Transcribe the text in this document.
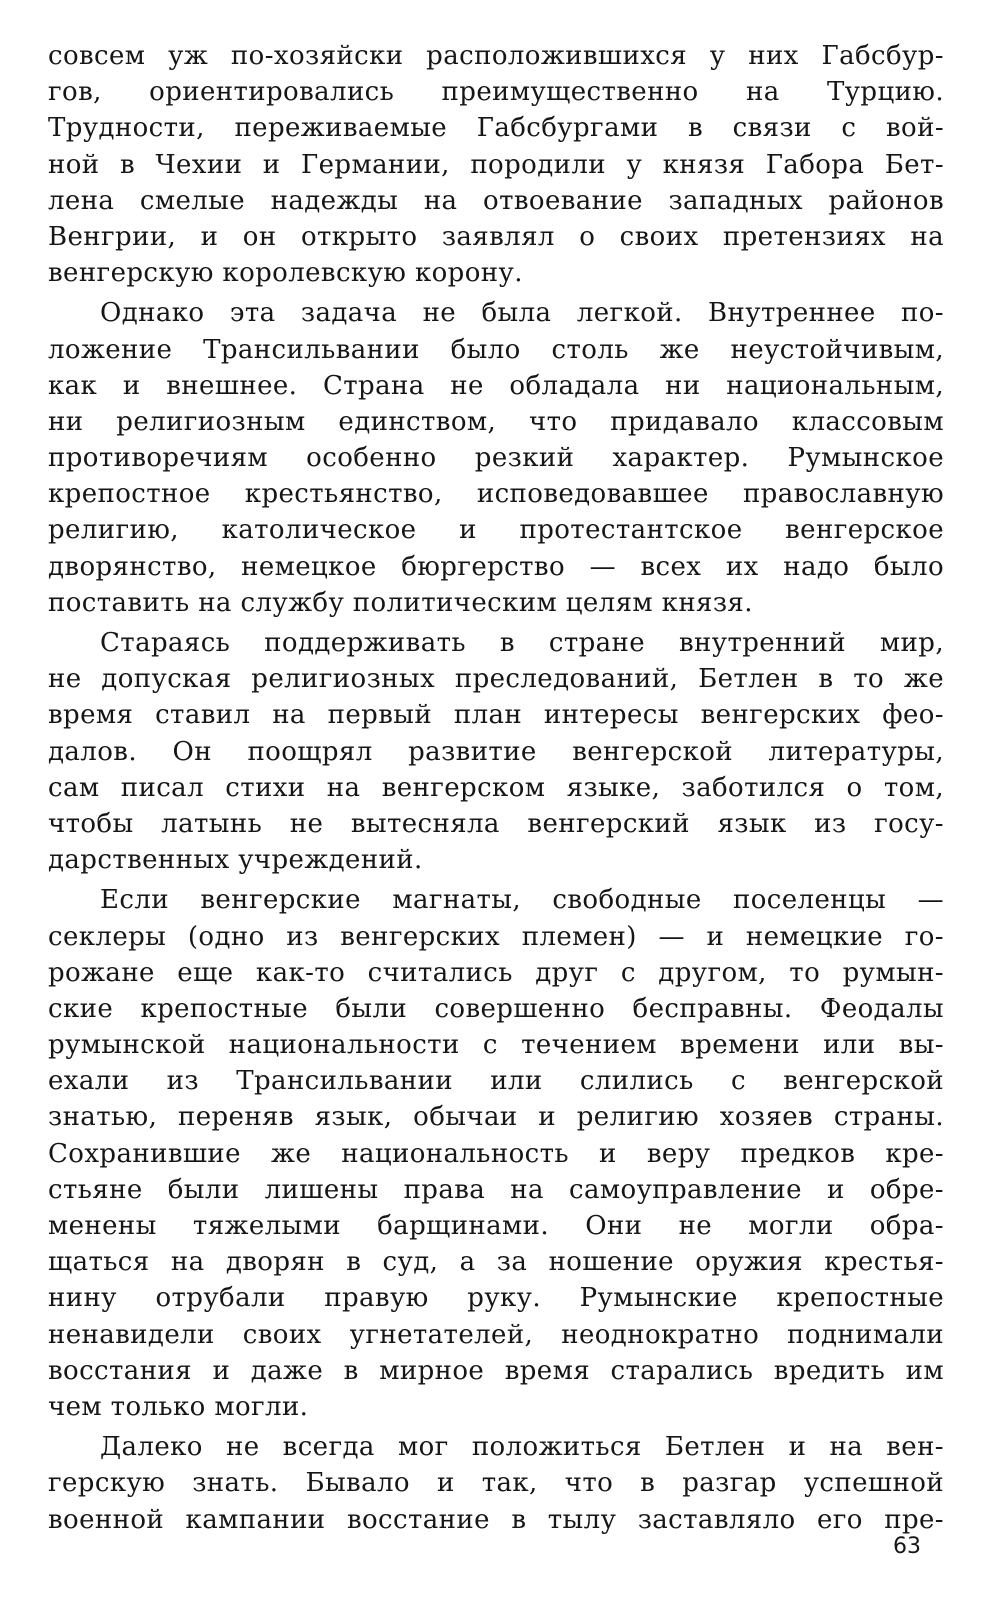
совсем уж по-хозяйски расположившихся у них Габсбур-
гов, ориентировались преимущественно на Турцию.
Трудности, переживаемые Габсбургами в связи с вой-
ной в Чехии и Германии, породили у князя Габора Бет-
лена смелые надежды на отвоевание западных районов
Венгрии, и он открыто заявлял о своих претензиях на
венгерскую королевскую корону.
Однако эта задача не была легкой. Внутреннее по-
ложение Трансильвании было столь же неустойчивым,
как и внешнее. Страна не обладала ни национальным,
ни религиозным единством, что придавало классовым
противоречиям особенно резкий характер. Румынское
крепостное крестьянство, исповедовавшее православную
религию, католическое и протестантское венгерское
дворянство, немецкое бюргерство — всех их надо было
поставить на службу политическим целям князя.
Стараясь поддерживать в стране внутренний мир,
не допуская религиозных преследований, Бетлен в то же
время ставил на первый план интересы венгерских фео-
далов. Он поощрял развитие венгерской литературы,
сам писал стихи на венгерском языке, заботился о том,
чтобы латынь не вытесняла венгерский язык из госу-
дарственных учреждений.
Если венгерские магнаты, свободные поселенцы —
секлеры (одно из венгерских племен) — и немецкие го-
рожане еще как-то считались друг с другом, то румын-
ские крепостные были совершенно бесправны. Феодалы
румынской национальности с течением времени или вы-
ехали из Трансильвании или слились с венгерской
знатью, переняв язык, обычаи и религию хозяев страны.
Сохранившие же национальность и веру предков кре-
стьяне были лишены права на самоуправление и обре-
менены тяжелыми барщинами. Они не могли обра-
щаться на дворян в суд, а за ношение оружия крестья-
нину отрубали правую руку. Румынские крепостные
ненавидели своих угнетателей, неоднократно поднимали
восстания и даже в мирное время старались вредить им
чем только могли.
Далеко не всегда мог положиться Бетлен и на вен-
герскую знать. Бывало и так, что в разгар успешной
военной кампании восстание в тылу заставляло его пре-
63
